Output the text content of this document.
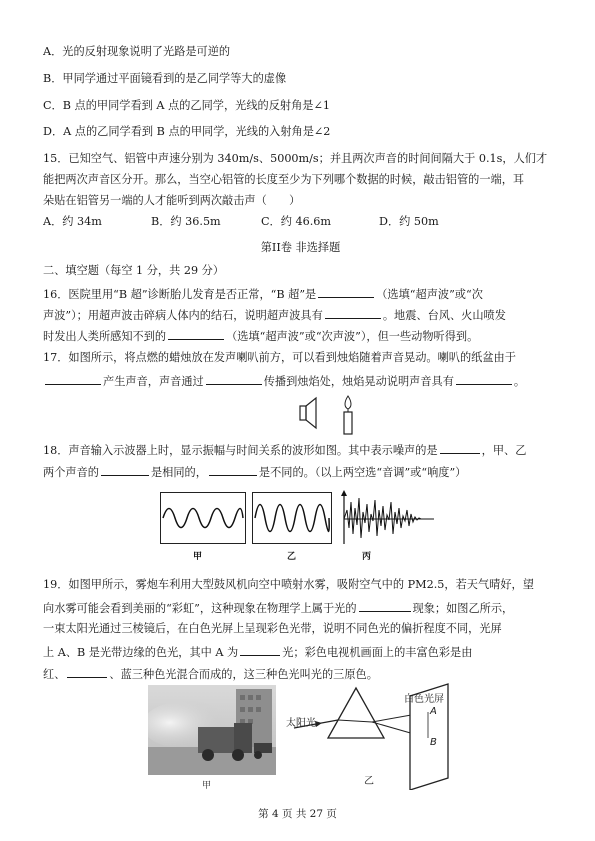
A．光的反射现象说明了光路是可逆的
B．甲同学通过平面镜看到的是乙同学等大的虚像
C．B 点的甲同学看到 A 点的乙同学，光线的反射角是∠1
D．A 点的乙同学看到 B 点的甲同学，光线的入射角是∠2
15．已知空气、铝管中声速分别为 340m/s、5000m/s；并且两次声音的时间间隔大于 0.1s，人们才
能把两次声音区分开。那么，当空心铝管的长度至少为下列哪个数据的时候，敲击铝管的一端，耳
朵贴在铝管另一端的人才能听到两次敲击声（　　）
A．约 34m	B．约 36.5m	C．约 46.6m	D．约 50m
第II卷 非选择题
二、填空题（每空 1 分，共 29 分）
16．医院里用“B 超”诊断胎儿发育是否正常，“B 超”是	（选填“超声波”或“次
声波”）；用超声波击碎病人体内的结石，说明超声波具有	。地震、台风、火山喷发
时发出人类所感知不到的	（选填“超声波”或“次声波”），但一些动物听得到。
17．如图所示，将点燃的蜡烛放在发声喇叭前方，可以看到烛焰随着声音晃动。喇叭的纸盆由于
产生声音，声音通过	传播到烛焰处，烛焰晃动说明声音具有	。
18．声音输入示波器上时，显示振幅与时间关系的波形如图。其中表示噪声的是	，甲、乙
两个声音的	是相同的，	是不同的。（以上两空选“音调”或“响度”）
甲	乙	丙
19．如图甲所示，雾炮车利用大型鼓风机向空中喷射水雾，吸附空气中的 PM2.5，若天气晴好，望
向水雾可能会看到美丽的“彩虹”，这种现象在物理学上属于光的	现象；如图乙所示，
一束太阳光通过三棱镜后，在白色光屏上呈现彩色光带，说明不同色光的偏折程度不同，光屏
上 A、B 是光带边缘的色光，其中 A 为	光；彩色电视机画面上的丰富色彩是由
红、	、蓝三种色光混合而成的，这三种色光叫光的三原色。
甲
太阳光
白色光屏
A
B
乙
第 4 页 共 27 页
